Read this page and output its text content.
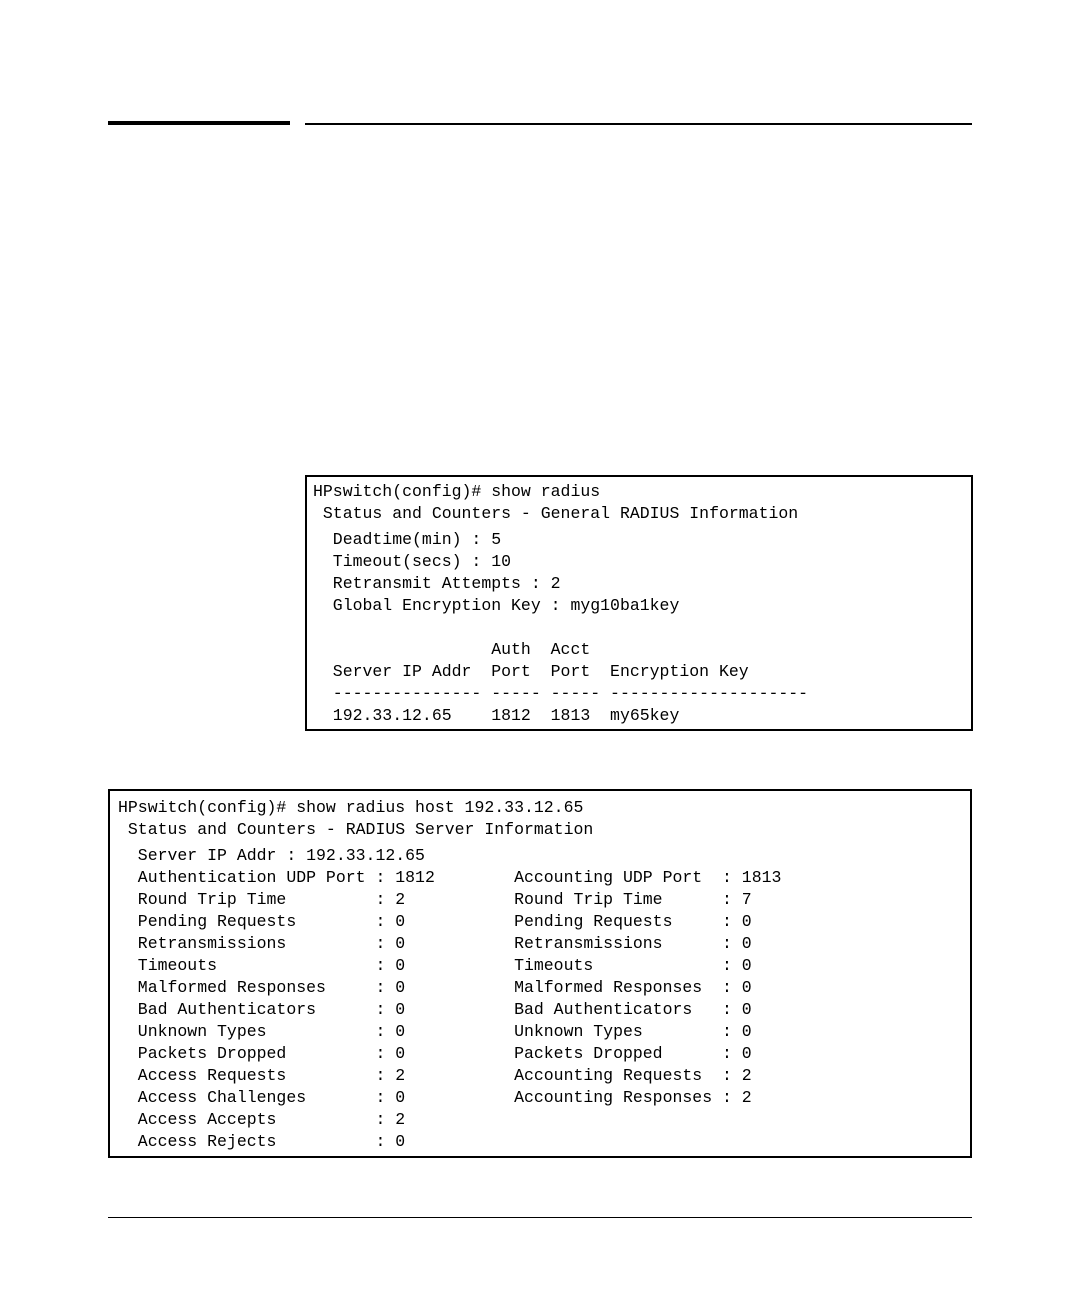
HPswitch(config)# show radius
Status and Counters - General RADIUS Information
Deadtime(min) : 5
Timeout(secs) : 10
Retransmit Attempts : 2
Global Encryption Key : myg10ba1key
Auth  Acct
Server IP Addr  Port  Port  Encryption Key
--------------- ----- ----- --------------------
192.33.12.65    1812  1813  my65key
HPswitch(config)# show radius host 192.33.12.65
Status and Counters - RADIUS Server Information
Server IP Addr : 192.33.12.65
Authentication UDP Port : 1812        Accounting UDP Port  : 1813
Round Trip Time         : 2           Round Trip Time      : 7
Pending Requests        : 0           Pending Requests     : 0
Retransmissions         : 0           Retransmissions      : 0
Timeouts                : 0           Timeouts             : 0
Malformed Responses     : 0           Malformed Responses  : 0
Bad Authenticators      : 0           Bad Authenticators   : 0
Unknown Types           : 0           Unknown Types        : 0
Packets Dropped         : 0           Packets Dropped      : 0
Access Requests         : 2           Accounting Requests  : 2
Access Challenges       : 0           Accounting Responses : 2
Access Accepts          : 2
Access Rejects          : 0
